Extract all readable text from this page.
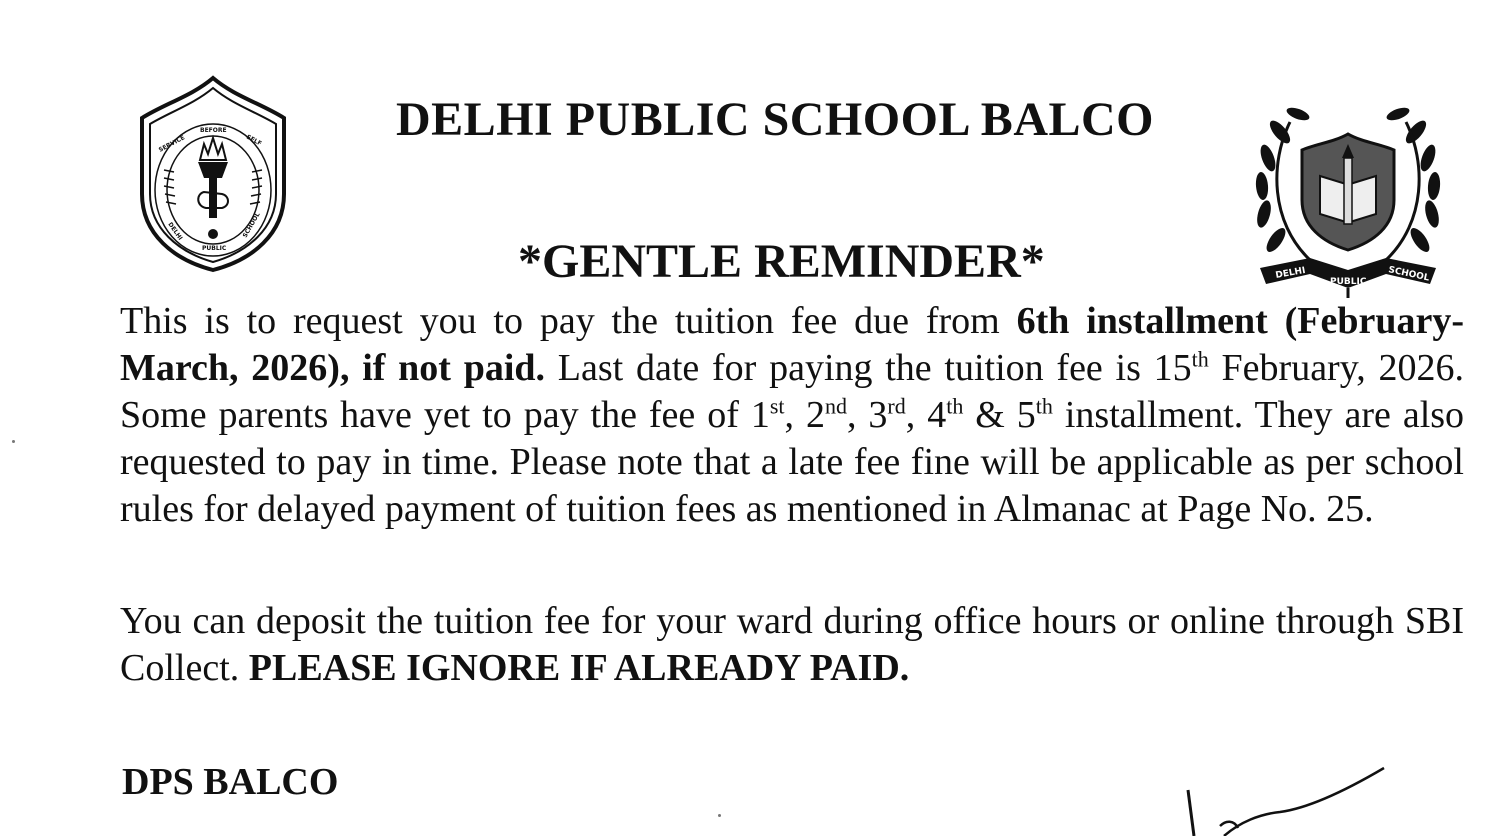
BEFORE
SERVICE	SELF
DELHI
PUBLIC
SCHOOL
DELHI
PUBLIC SCHOOL
DELHI PUBLIC SCHOOL BALCO
*GENTLE REMINDER*

This is to request you to pay the tuition fee due from 6th installment (February-March, 2026), if not paid. Last date for paying the tuition fee is 15th February, 2026. Some parents have yet to pay the fee of 1st, 2nd, 3rd, 4th & 5th installment. They are also requested to pay in time. Please note that a late fee fine will be applicable as per school rules for delayed payment of tuition fees as mentioned in Almanac at Page No. 25.

You can deposit the tuition fee for your ward during office hours or online through SBI Collect. PLEASE IGNORE IF ALREADY PAID.

DPS BALCO
